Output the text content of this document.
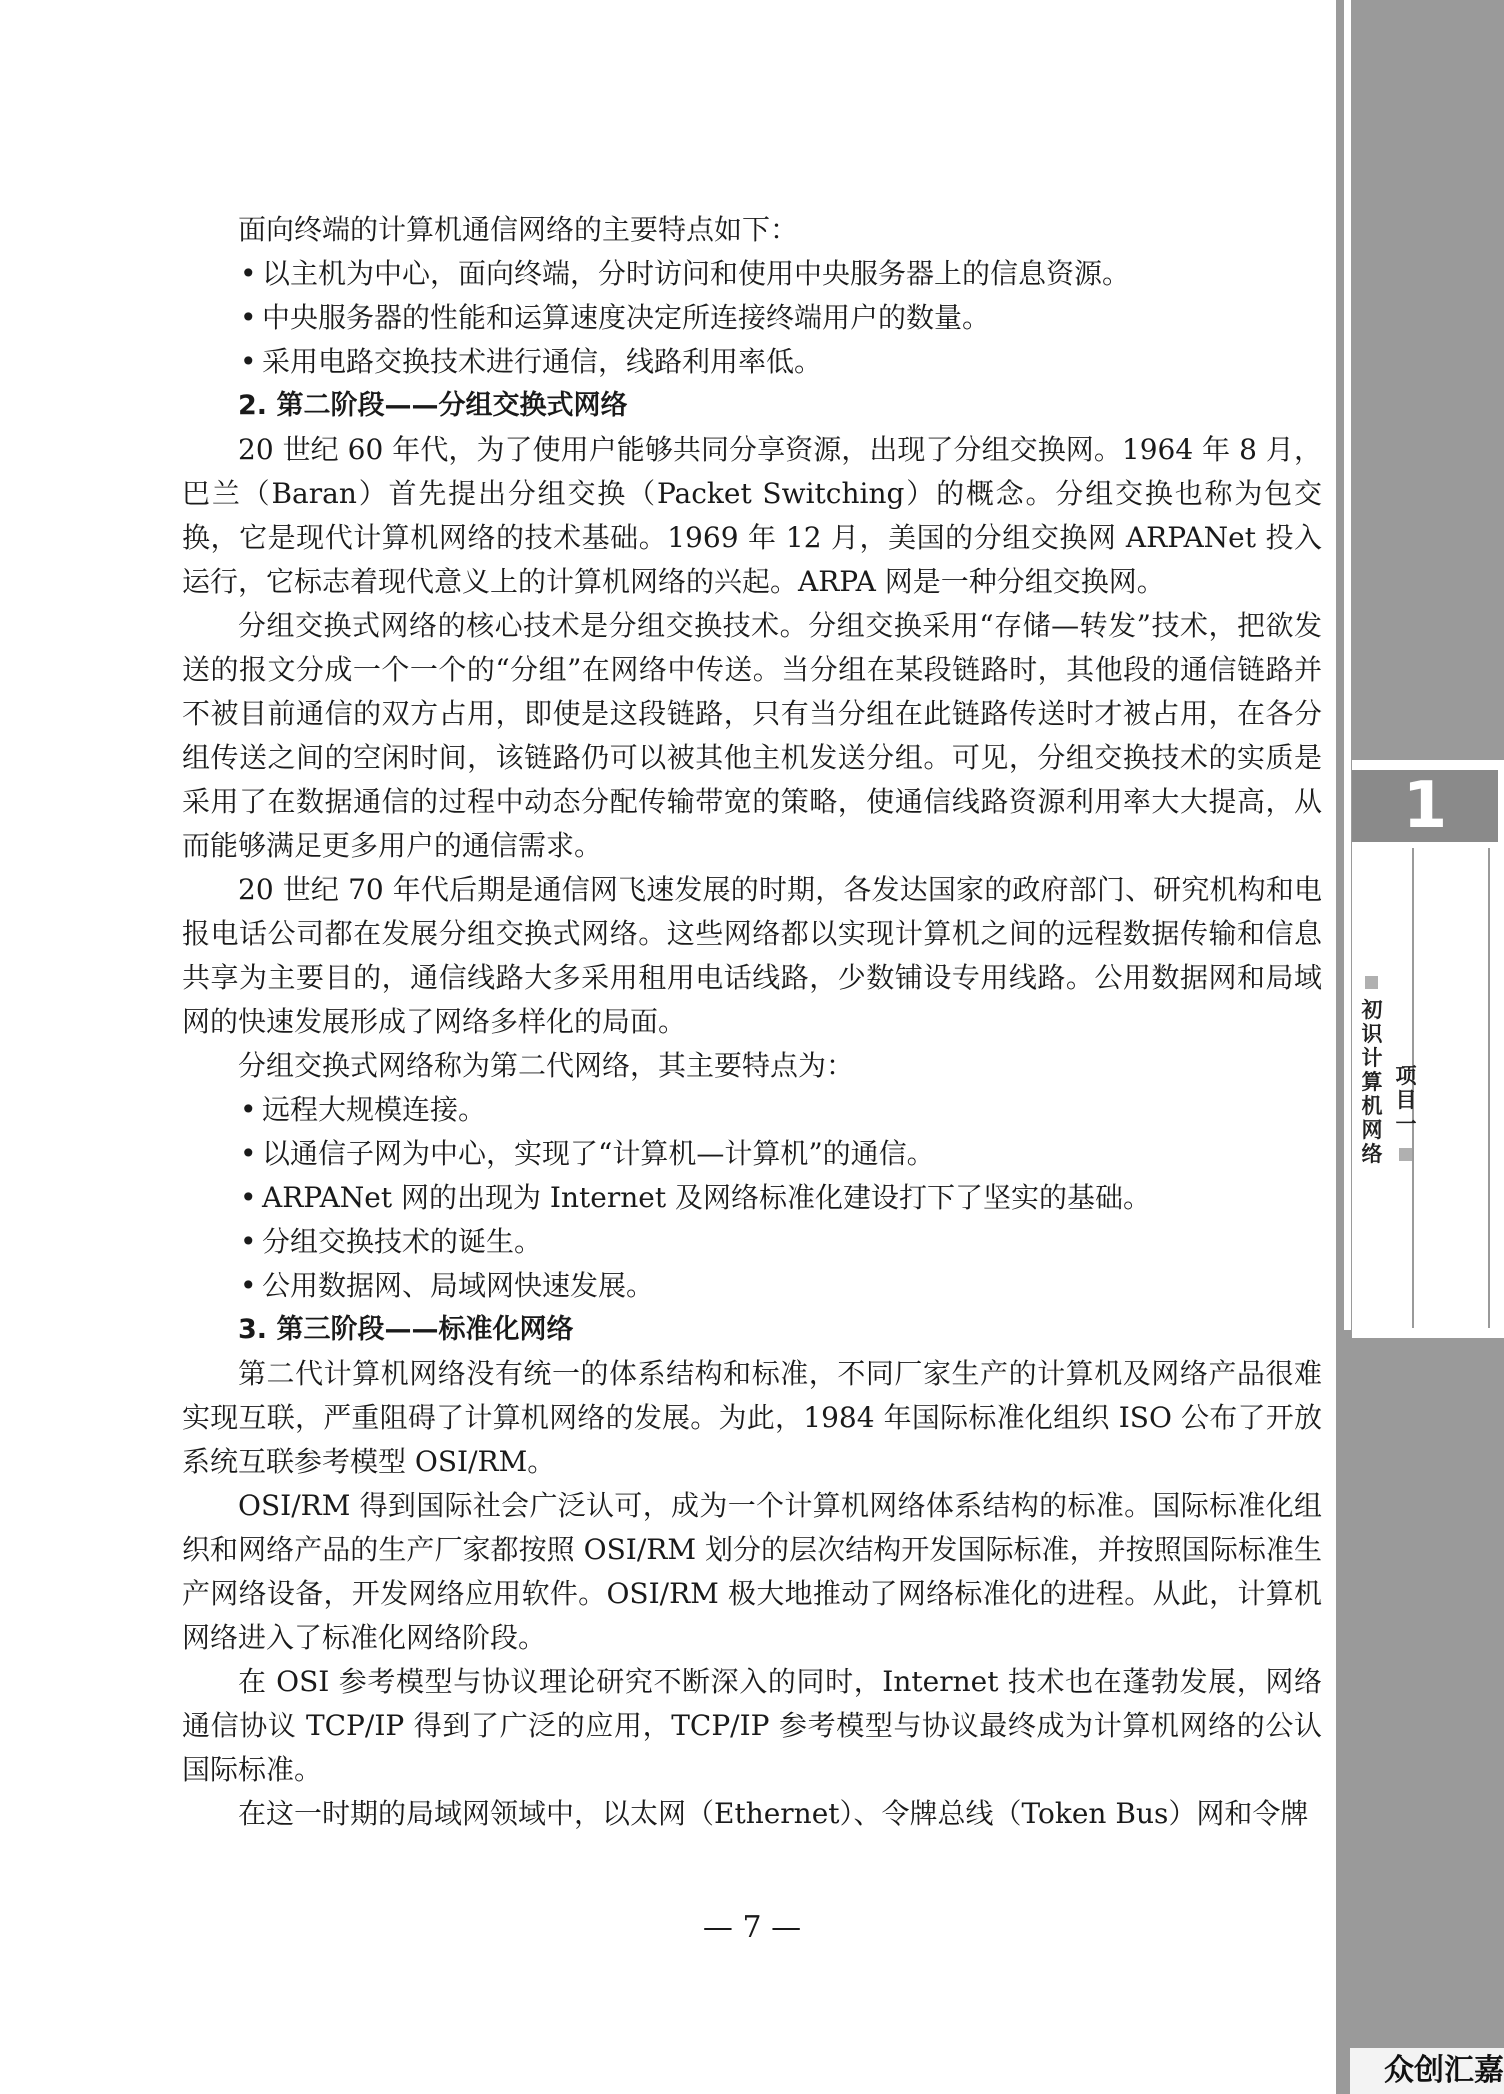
1
初识计算机网络
项目一

面向终端的计算机通信网络的主要特点如下：

• 以主机为中心，面向终端，分时访问和使用中央服务器上的信息资源。

• 中央服务器的性能和运算速度决定所连接终端用户的数量。

• 采用电路交换技术进行通信，线路利用率低。

2. 第二阶段——分组交换式网络

20 世纪 60 年代，为了使用户能够共同分享资源，出现了分组交换网。1964 年 8 月，巴兰（Baran）首先提出分组交换（Packet Switching）的概念。分组交换也称为包交换，它是现代计算机网络的技术基础。1969 年 12 月，美国的分组交换网 ARPANet 投入运行，它标志着现代意义上的计算机网络的兴起。ARPA 网是一种分组交换网。

分组交换式网络的核心技术是分组交换技术。分组交换采用“存储—转发”技术，把欲发送的报文分成一个一个的“分组”在网络中传送。当分组在某段链路时，其他段的通信链路并不被目前通信的双方占用，即使是这段链路，只有当分组在此链路传送时才被占用，在各分组传送之间的空闲时间，该链路仍可以被其他主机发送分组。可见，分组交换技术的实质是采用了在数据通信的过程中动态分配传输带宽的策略，使通信线路资源利用率大大提高，从而能够满足更多用户的通信需求。

20 世纪 70 年代后期是通信网飞速发展的时期，各发达国家的政府部门、研究机构和电报电话公司都在发展分组交换式网络。这些网络都以实现计算机之间的远程数据传输和信息共享为主要目的，通信线路大多采用租用电话线路，少数铺设专用线路。公用数据网和局域网的快速发展形成了网络多样化的局面。

分组交换式网络称为第二代网络，其主要特点为：

• 远程大规模连接。

• 以通信子网为中心，实现了“计算机—计算机”的通信。

• ARPANet 网的出现为 Internet 及网络标准化建设打下了坚实的基础。

• 分组交换技术的诞生。

• 公用数据网、局域网快速发展。

3. 第三阶段——标准化网络

第二代计算机网络没有统一的体系结构和标准，不同厂家生产的计算机及网络产品很难实现互联，严重阻碍了计算机网络的发展。为此，1984 年国际标准化组织 ISO 公布了开放系统互联参考模型 OSI/RM。

OSI/RM 得到国际社会广泛认可，成为一个计算机网络体系结构的标准。国际标准化组织和网络产品的生产厂家都按照 OSI/RM 划分的层次结构开发国际标准，并按照国际标准生产网络设备，开发网络应用软件。OSI/RM 极大地推动了网络标准化的进程。从此，计算机网络进入了标准化网络阶段。

在 OSI 参考模型与协议理论研究不断深入的同时，Internet 技术也在蓬勃发展，网络通信协议 TCP/IP 得到了广泛的应用，TCP/IP 参考模型与协议最终成为计算机网络的公认国际标准。

在这一时期的局域网领域中，以太网（Ethernet）、令牌总线（Token Bus）网和令牌

— 7 —
众创汇嘉
